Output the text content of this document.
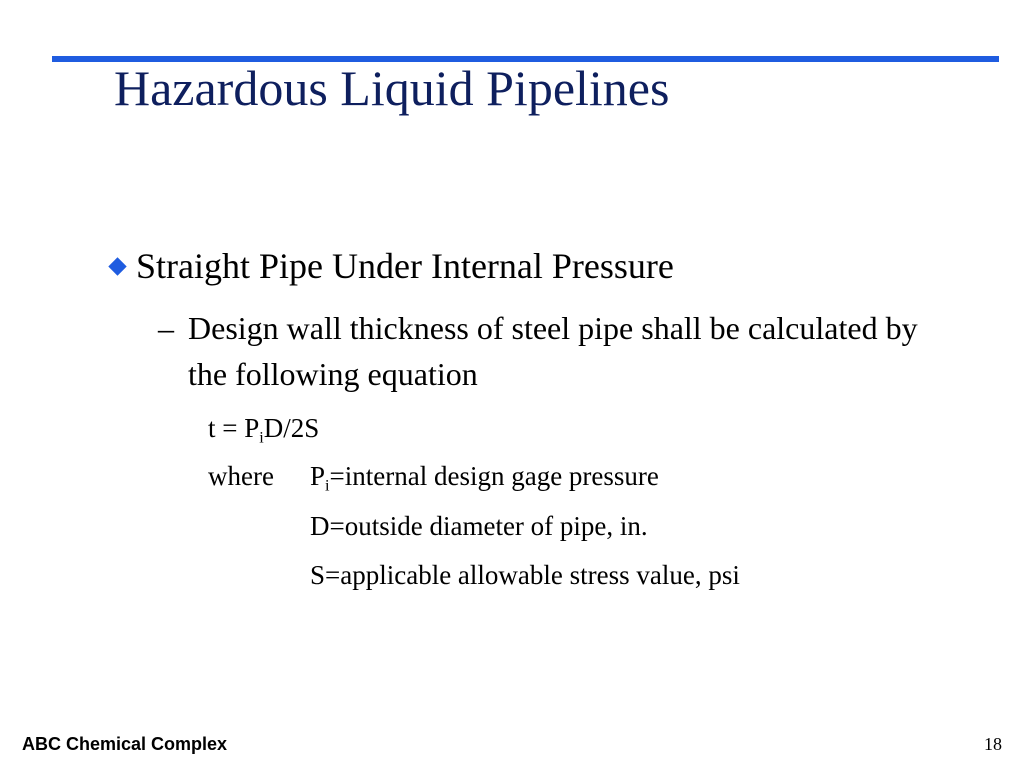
Hazardous Liquid Pipelines
Straight Pipe Under Internal Pressure
– Design wall thickness of steel pipe shall be calculated by the following equation
$t = P_iD/2S$
where $P_i=internal$ design gage pressure
D=outside diameter of pipe, in.
S=applicable allowable stress value, psi
ABC Chemical Complex	18
